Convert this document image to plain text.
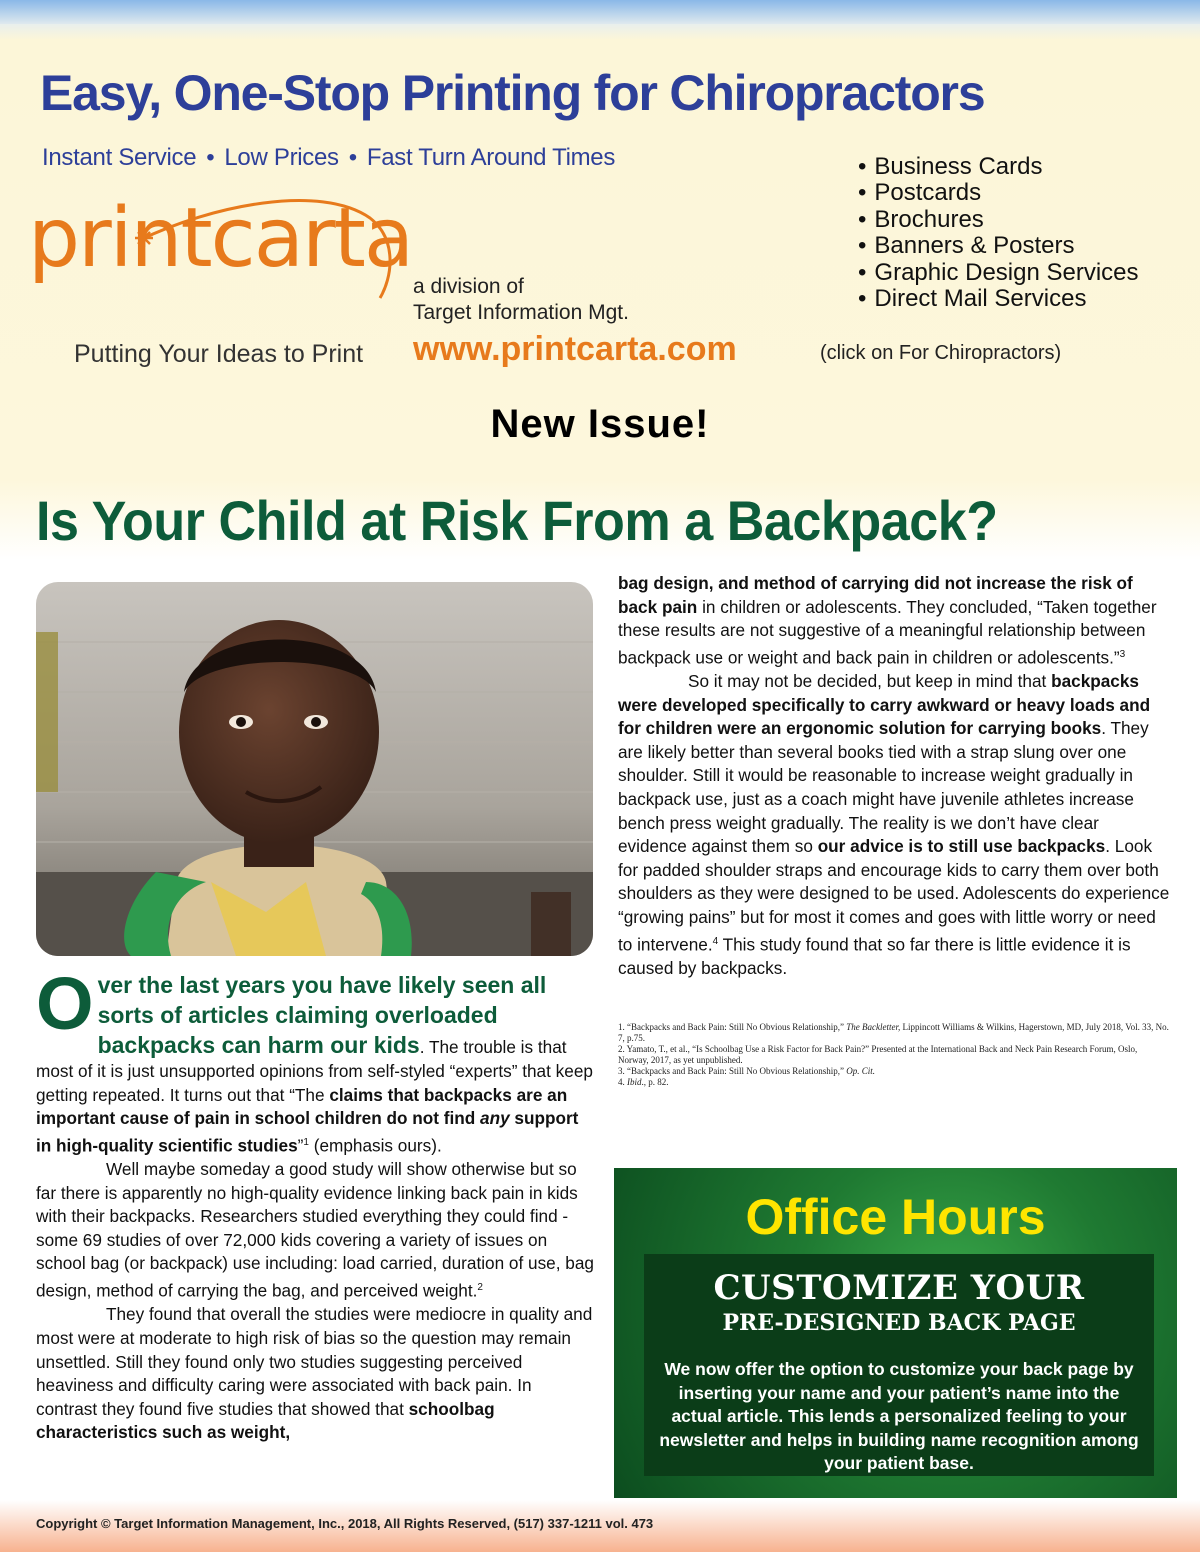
Easy, One-Stop Printing for Chiropractors
Instant Service • Low Prices • Fast Turn Around Times
•	Business Cards
• Postcards
• Brochures
• Banners & Posters
• Graphic Design Services
• Direct Mail Services
printcarta
Putting Your Ideas to Print
a division of
Target Information Mgt.
www.printcarta.com	(click on For Chiropractors)
New Issue!
Is Your Child at Risk From a Backpack?

Over the last years you have likely seen all sorts of articles claiming overloaded backpacks can harm our kids. The trouble is that most of it is just unsupported opinions from self-styled “experts” that keep getting repeated. It turns out that “The claims that backpacks are an important cause of pain in school children do not find any support in high-quality scientific studies”$^1$ (emphasis ours).

Well maybe someday a good study will show otherwise but so far there is apparently no high-quality evidence linking back pain in kids with their backpacks. Researchers studied everything they could find - some 69 studies of over 72,000 kids covering a variety of issues on school bag (or backpack) use including: load carried, duration of use, bag design, method of carrying the bag, and perceived weight.$^2$

They found that overall the studies were mediocre in quality and most were at moderate to high risk of bias so the question may remain unsettled. Still they found only two studies suggesting perceived heaviness and difficulty caring were associated with back pain. In contrast they found five studies that showed that schoolbag characteristics such as weight,

bag design, and method of carrying did not increase the risk of back pain in children or adolescents. They concluded, “Taken together these results are not suggestive of a meaningful relationship between backpack use or weight and back pain in children or adolescents.”$^3$

So it may not be decided, but keep in mind that backpacks were developed specifically to carry awkward or heavy loads and for children were an ergonomic solution for carrying books. They are likely better than several books tied with a strap slung over one shoulder. Still it would be reasonable to increase weight gradually in backpack use, just as a coach might have juvenile athletes increase bench press weight gradually. The reality is we don’t have clear evidence against them so our advice is to still use backpacks. Look for padded shoulder straps and encourage kids to carry them over both shoulders as they were designed to be used. Adolescents do experience “growing pains” but for most it comes and goes with little worry or need to intervene.$^4$ This study found that so far there is little evidence it is caused by backpacks.

1. “Backpacks and Back Pain: Still No Obvious Relationship,” The Backletter, Lippincott Williams & Wilkins, Hagerstown, MD, July 2018, Vol. 33, No. 7, p.75.

2. Yamato, T., et al., “Is Schoolbag Use a Risk Factor for Back Pain?” Presented at the International Back and Neck Pain Research Forum, Oslo, Norway, 2017, as yet unpublished.

3. “Backpacks and Back Pain: Still No Obvious Relationship,” Op. Cit.

4. Ibid., p. 82.

Office Hours
CUSTOMIZE YOUR
PRE-DESIGNED BACK PAGE
We now offer the option to customize your back page by inserting your name and your patient’s name into the actual article. This lends a personalized feeling to your newsletter and helps in building name recognition among your patient base.
Copyright © Target Information Management, Inc., 2018, All Rights Reserved, (517) 337-1211 vol. 473
